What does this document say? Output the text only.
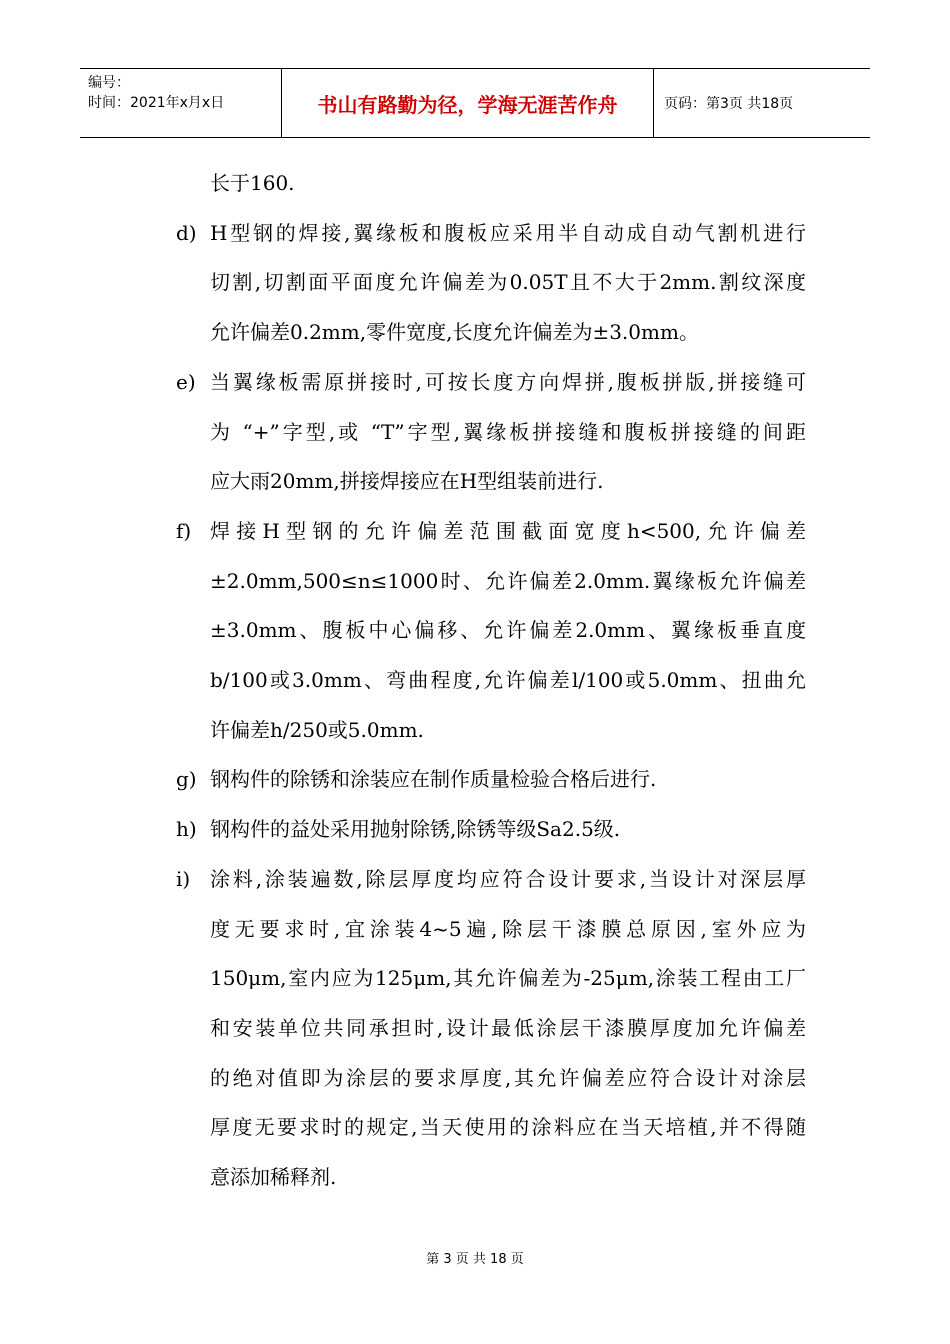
编号：
时间：2021年x月x日	书山有路勤为径，学海无涯苦作舟	页码：第3页 共18页
长于160.
d) H型钢的焊接,翼缘板和腹板应采用半自动成自动气割机进行
切割,切割面平面度允许偏差为0.05T且不大于2mm.割纹深度
允许偏差0.2mm,零件宽度,长度允许偏差为±3.0mm。
e) 当翼缘板需原拼接时,可按长度方向焊拼,腹板拼版,拼接缝可
为 “+”字型,或 “T”字型,翼缘板拼接缝和腹板拼接缝的间距
应大雨20mm,拼接焊接应在H型组装前进行.
f) 焊接H型钢的允许偏差范围截面宽度h<500,允许偏差
±2.0mm,500≤n≤1000时、允许偏差2.0mm.翼缘板允许偏差
±3.0mm、腹板中心偏移、允许偏差2.0mm、翼缘板垂直度
b/100或3.0mm、弯曲程度,允许偏差l/100或5.0mm、扭曲允
许偏差h/250或5.0mm.
g) 钢构件的除锈和涂装应在制作质量检验合格后进行.
h) 钢构件的益处采用抛射除锈,除锈等级Sa2.5级.
i) 涂料,涂装遍数,除层厚度均应符合设计要求,当设计对深层厚
度无要求时,宜涂装4~5遍,除层干漆膜总原因,室外应为
150μm,室内应为125μm,其允许偏差为-25μm,涂装工程由工厂
和安装单位共同承担时,设计最低涂层干漆膜厚度加允许偏差
的绝对值即为涂层的要求厚度,其允许偏差应符合设计对涂层
厚度无要求时的规定,当天使用的涂料应在当天培植,并不得随
意添加稀释剂.
第 3 页 共 18 页
